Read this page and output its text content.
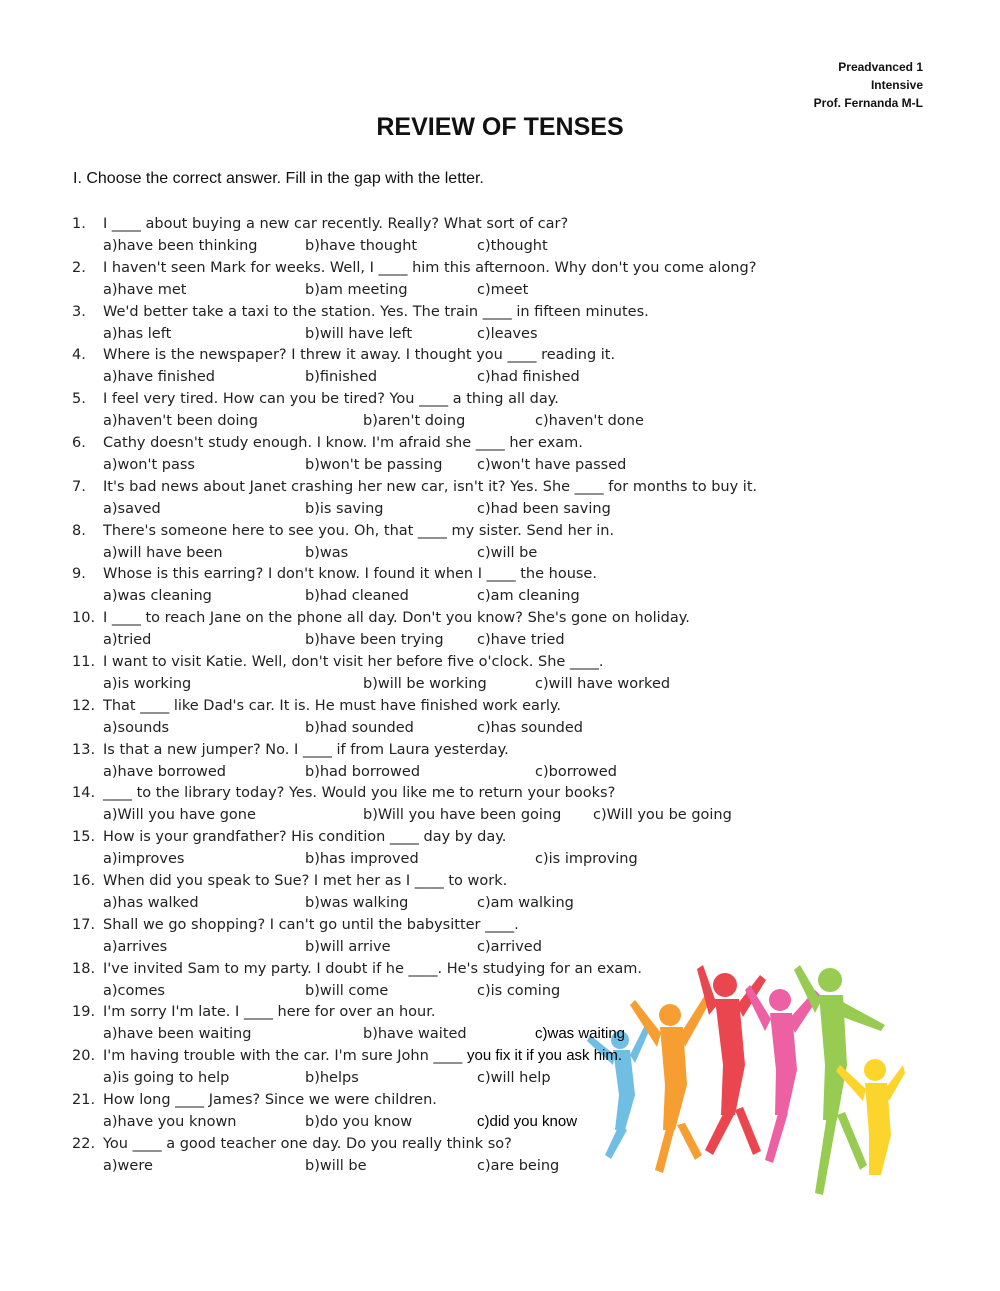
Preadvanced 1
Intensive
Prof. Fernanda M-L
REVIEW OF TENSES
I. Choose the correct answer. Fill in the gap with the letter.
1.	I ____ about buying a new car recently. Really? What sort of car?
a)have been thinking	b)have thought	c)thought
2.	I haven't seen Mark for weeks. Well, I ____ him this afternoon. Why don't you come along?
a)have met	b)am meeting	c)meet
3.	We'd better take a taxi to the station. Yes. The train ____ in fifteen minutes.
a)has left	b)will have left	c)leaves
4.	Where is the newspaper? I threw it away. I thought you ____ reading it.
a)have finished	b)finished	c)had finished
5.	I feel very tired. How can you be tired? You ____ a thing all day.
a)haven't been doing	b)aren't doing	c)haven't done
6.	Cathy doesn't study enough. I know. I'm afraid she ____ her exam.
a)won't pass	b)won't be passing c)won't have passed
7.	It's bad news about Janet crashing her new car, isn't it? Yes. She ____ for months to buy it.
a)saved	b)is saving	c)had been saving
8.	There's someone here to see you. Oh, that ____ my sister. Send her in.
a)will have been	b)was	c)will be
9.	Whose is this earring? I don't know. I found it when I ____ the house.
a)was cleaning	b)had cleaned	c)am cleaning
10. I ____ to reach Jane on the phone all day. Don't you know? She's gone on holiday.
a)tried	b)have been trying c)have tried
11. I want to visit Katie. Well, don't visit her before five o'clock. She ____.
a)is working	b)will be working	c)will have worked
12. That ____ like Dad's car. It is. He must have finished work early.
a)sounds	b)had sounded	c)has sounded
13. Is that a new jumper? No. I ____ if from Laura yesterday.
a)have borrowed	b)had borrowed	c)borrowed
14. ____ to the library today? Yes. Would you like me to return your books?
a)Will you have gone	b)Will you have been going c)Will you be going
15. How is your grandfather? His condition ____ day by day.
a)improves	b)has improved	c)is improving
16. When did you speak to Sue? I met her as I ____ to work.
a)has walked	b)was walking	c)am walking
17. Shall we go shopping? I can't go until the babysitter ____.
a)arrives	b)will arrive	c)arrived
18. I've invited Sam to my party. I doubt if he ____. He's studying for an exam.
a)comes	b)will come	c)is coming
19. I'm sorry I'm late. I ____ here for over an hour.
a)have been waiting	b)have waited	c)was waiting
20. I'm having trouble with the car. I'm sure John ____ you fix it if you ask him.
a)is going to help	b)helps	c)will help
21. How long ____ James? Since we were children.
a)have you known	b)do you know	c)did you know
22. You ____ a good teacher one day. Do you really think so?
a)were	b)will be	c)are being
